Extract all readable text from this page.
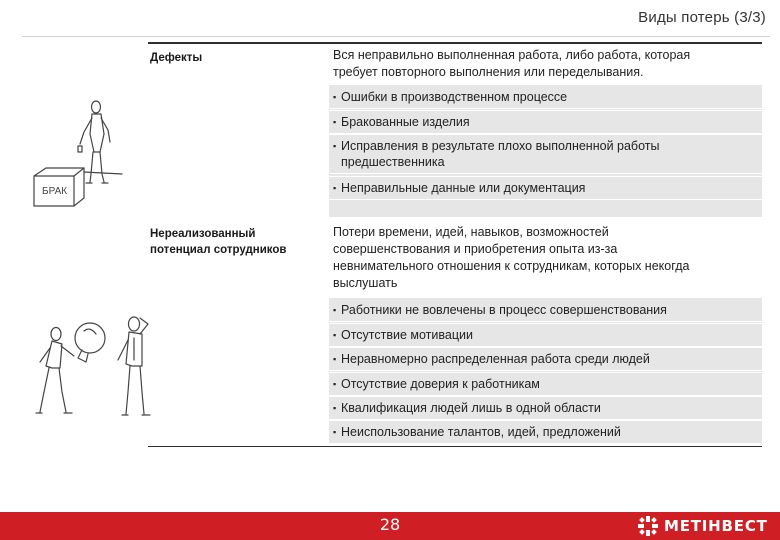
Виды потерь (3/3)
Дефекты	Вся неправильно выполненная работа, либо работа, которая
требует повторного выполнения или переделывания.
▪ Ошибки в производственном процессе
▪ Бракованные изделия
▪ Исправления в результате плохо выполненной работы
предшественника
▪ Неправильные данные или документация
БРАК
Нереализованный
потенциал сотрудников
Потери времени, идей, навыков, возможностей
совершенствования и приобретения опыта из-за
невнимательного отношения к сотрудникам, которых некогда
выслушать
▪ Работники не вовлечены в процесс совершенствования
▪ Отсутствие мотивации
▪ Неравномерно распределенная работа среди людей
▪ Отсутствие доверия к работникам
▪ Квалификация людей лишь в одной области
▪ Неиспользование талантов, идей, предложений
28	МЕТІНВЕСТ
